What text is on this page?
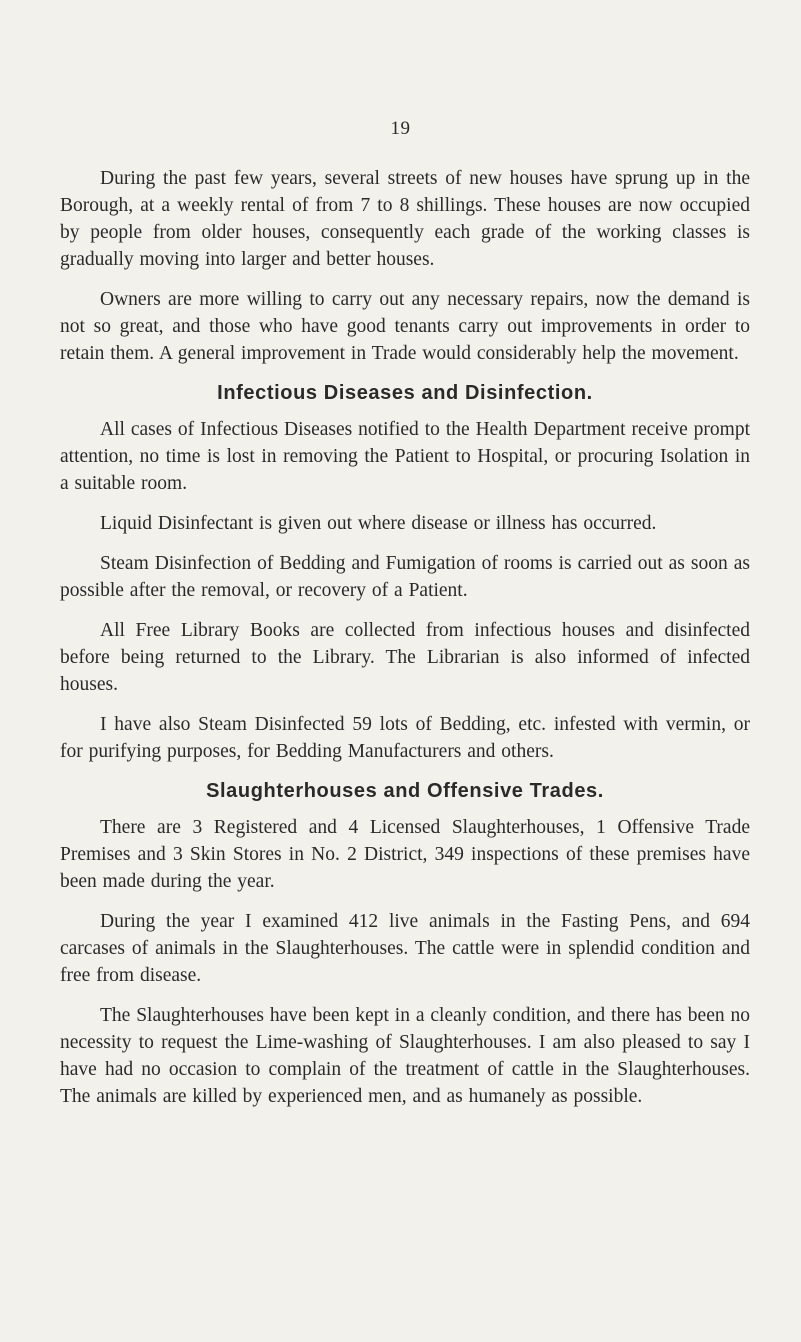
19

During the past few years, several streets of new houses have sprung up in the Borough, at a weekly rental of from 7 to 8 shillings. These houses are now occupied by people from older houses, consequently each grade of the working classes is gradually moving into larger and better houses.

Owners are more willing to carry out any necessary repairs, now the demand is not so great, and those who have good tenants carry out improvements in order to retain them. A general improvement in Trade would considerably help the movement.

Infectious Diseases and Disinfection.

All cases of Infectious Diseases notified to the Health Department receive prompt attention, no time is lost in removing the Patient to Hospital, or procuring Isolation in a suitable room.

Liquid Disinfectant is given out where disease or illness has occurred.

Steam Disinfection of Bedding and Fumigation of rooms is carried out as soon as possible after the removal, or recovery of a Patient.

All Free Library Books are collected from infectious houses and disinfected before being returned to the Library. The Librarian is also informed of infected houses.

I have also Steam Disinfected 59 lots of Bedding, etc. infested with vermin, or for purifying purposes, for Bedding Manufacturers and others.

Slaughterhouses and Offensive Trades.

There are 3 Registered and 4 Licensed Slaughterhouses, 1 Offensive Trade Premises and 3 Skin Stores in No. 2 District, 349 inspections of these premises have been made during the year.

During the year I examined 412 live animals in the Fasting Pens, and 694 carcases of animals in the Slaughterhouses. The cattle were in splendid condition and free from disease.

The Slaughterhouses have been kept in a cleanly condition, and there has been no necessity to request the Lime-washing of Slaughterhouses. I am also pleased to say I have had no occasion to complain of the treatment of cattle in the Slaughterhouses. The animals are killed by experienced men, and as humanely as possible.
